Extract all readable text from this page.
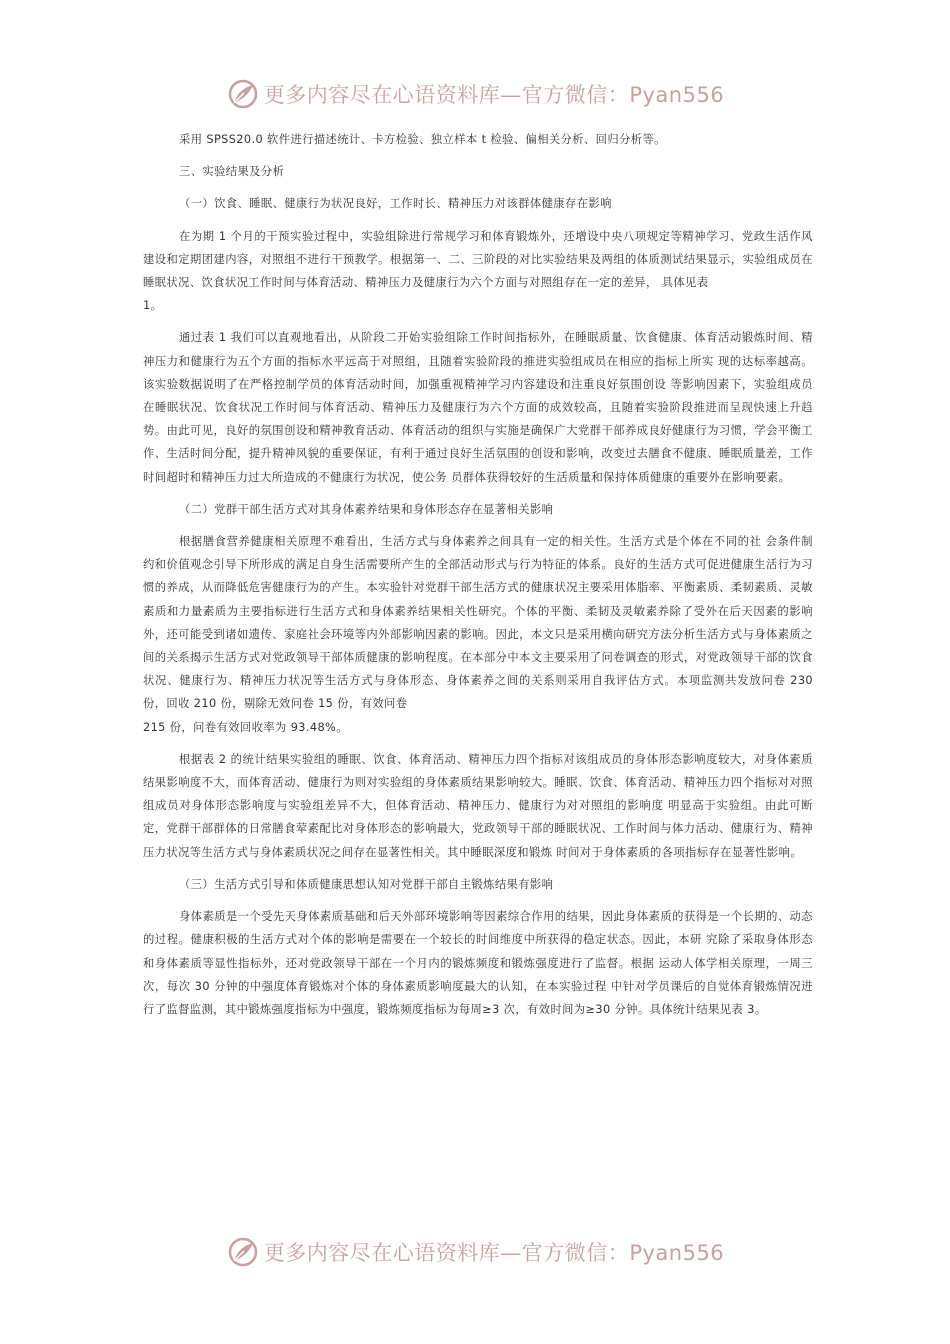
更多内容尽在心语资料库—官方微信：Pyan556

采用 SPSS20.0 软件进行描述统计、卡方检验、独立样本 t 检验、偏相关分析、回归分析等。

三、实验结果及分析

（一）饮食、睡眠、健康行为状况良好，工作时长、精神压力对该群体健康存在影响

在为期 1 个月的干预实验过程中，实验组除进行常规学习和体育锻炼外，还增设中央八项规定等精神学习、党政生活作风建设和定期团建内容，对照组不进行干预教学。根据第一、二、三阶段的对比实验结果及两组的体质测试结果显示，实验组成员在睡眠状况、饮食状况工作时间与体育活动、精神压力及健康行为六个方面与对照组存在一定的差异， 具体见表

1。

通过表 1 我们可以直观地看出，从阶段二开始实验组除工作时间指标外，在睡眠质量、饮食健康、体育活动锻炼时间、精神压力和健康行为五个方面的指标水平远高于对照组，且随着实验阶段的推进实验组成员在相应的指标上所实 现的达标率越高。该实验数据说明了在严格控制学员的体育活动时间，加强重视精神学习内容建设和注重良好氛围创设 等影响因素下，实验组成员在睡眠状况、饮食状况工作时间与体育活动、精神压力及健康行为六个方面的成效较高，且随着实验阶段推进而呈现快速上升趋势。由此可见，良好的氛围创设和精神教育活动、体育活动的组织与实施是确保广大党群干部养成良好健康行为习惯，学会平衡工作、生活时间分配，提升精神风貌的重要保证，有利于通过良好生活氛围的创设和影响，改变过去膳食不健康、睡眠质量差，工作时间超时和精神压力过大所造成的不健康行为状况，使公务 员群体获得较好的生活质量和保持体质健康的重要外在影响要素。

（二）党群干部生活方式对其身体素养结果和身体形态存在显著相关影响

根据膳食营养健康相关原理不难看出，生活方式与身体素养之间具有一定的相关性。生活方式是个体在不同的社 会条件制约和价值观念引导下所形成的满足自身生活需要所产生的全部活动形式与行为特征的体系。良好的生活方式可促进健康生活行为习惯的养成，从而降低危害健康行为的产生。本实验针对党群干部生活方式的健康状况主要采用体脂率、平衡素质、柔韧素质、灵敏素质和力量素质为主要指标进行生活方式和身体素养结果相关性研究。个体的平衡、柔韧及灵敏素养除了受外在后天因素的影响外，还可能受到诸如遗传、家庭社会环境等内外部影响因素的影响。因此，本文只是采用横向研究方法分析生活方式与身体素质之间的关系揭示生活方式对党政领导干部体质健康的影响程度。在本部分中本文主要采用了问卷调查的形式，对党政领导干部的饮食状况、健康行为、精神压力状况等生活方式与身体形态、身体素养之间的关系则采用自我评估方式。本项监测共发放问卷 230 份，回收 210 份，剔除无效问卷 15 份，有效问卷

215 份，问卷有效回收率为 93.48%。

根据表 2 的统计结果实验组的睡眠、饮食、体育活动、精神压力四个指标对该组成员的身体形态影响度较大，对身体素质结果影响度不大，而体育活动、健康行为则对实验组的身体素质结果影响较大。睡眠、饮食、体育活动、精神压力四个指标对对照组成员对身体形态影响度与实验组差异不大，但体育活动、精神压力、健康行为对对照组的影响度 明显高于实验组。由此可断定，党群干部群体的日常膳食荤素配比对身体形态的影响最大，党政领导干部的睡眠状况、工作时间与体力活动、健康行为、精神压力状况等生活方式与身体素质状况之间存在显著性相关。其中睡眠深度和锻炼 时间对于身体素质的各项指标存在显著性影响。

（三）生活方式引导和体质健康思想认知对党群干部自主锻炼结果有影响

身体素质是一个受先天身体素质基础和后天外部环境影响等因素综合作用的结果，因此身体素质的获得是一个长期的、动态的过程。健康积极的生活方式对个体的影响是需要在一个较长的时间维度中所获得的稳定状态。因此，本研 究除了采取身体形态和身体素质等显性指标外，还对党政领导干部在一个月内的锻炼频度和锻炼强度进行了监督。根据 运动人体学相关原理，一周三次，每次 30 分钟的中强度体育锻炼对个体的身体素质影响度最大的认知，在本实验过程 中针对学员课后的自觉体育锻炼情况进行了监督监测，其中锻炼强度指标为中强度，锻炼频度指标为每周≥3 次，有效时间为≥30 分钟。具体统计结果见表 3。

更多内容尽在心语资料库—官方微信：Pyan556
